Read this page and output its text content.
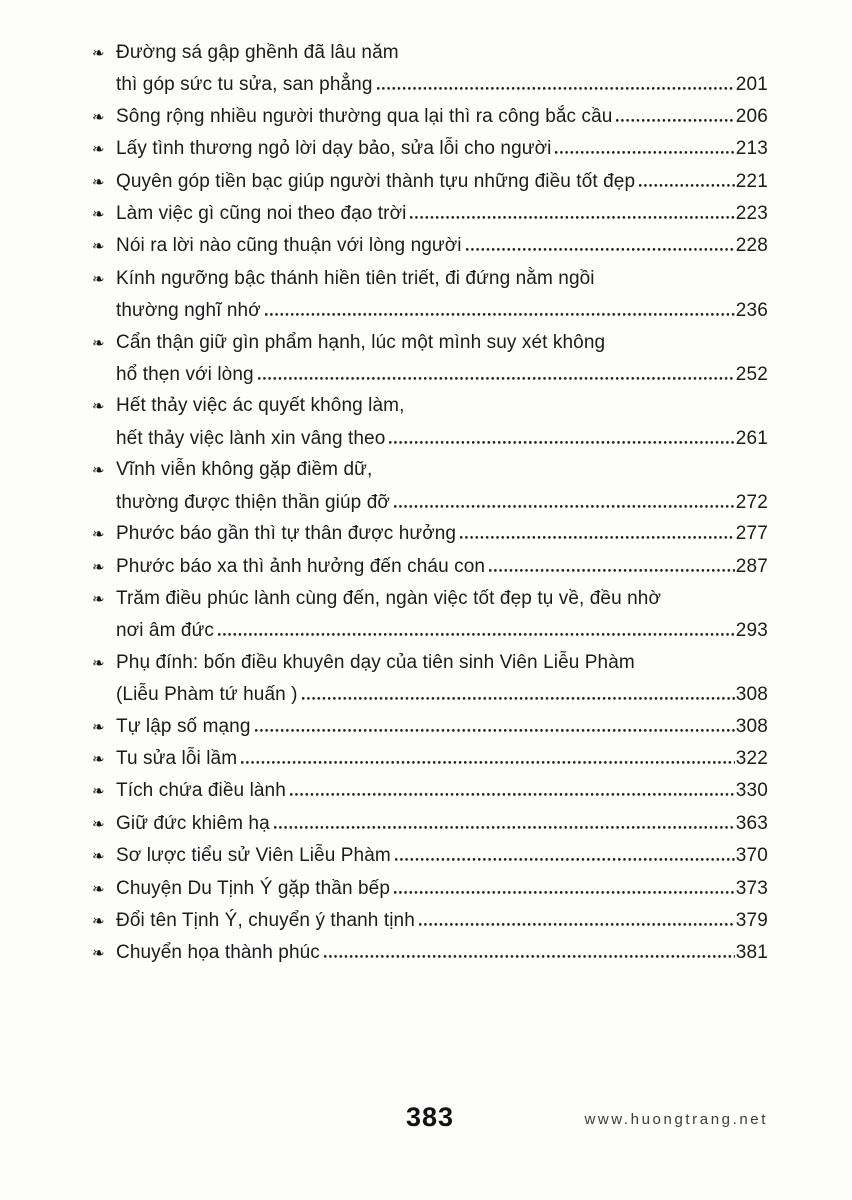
❧ Đường sá gập ghềnh đã lâu năm
thì góp sức tu sửa, san phẳng	201
❧ Sông rộng nhiều người thường qua lại thì ra công bắc cầu	206
❧ Lấy tình thương ngỏ lời dạy bảo, sửa lỗi cho người	213
❧ Quyên góp tiền bạc giúp người thành tựu những điều tốt đẹp	221
❧ Làm việc gì cũng noi theo đạo trời	223
❧ Nói ra lời nào cũng thuận với lòng người	228
❧ Kính ngưỡng bậc thánh hiền tiên triết, đi đứng nằm ngồi
thường nghĩ nhớ	236
❧ Cẩn thận giữ gìn phẩm hạnh, lúc một mình suy xét không
hổ thẹn với lòng	252
❧ Hết thảy việc ác quyết không làm,
hết thảy việc lành xin vâng theo	261
❧ Vĩnh viễn không gặp điềm dữ,
thường được thiện thần giúp đỡ	272
❧ Phước báo gần thì tự thân được hưởng	277
❧ Phước báo xa thì ảnh hưởng đến cháu con	287
❧ Trăm điều phúc lành cùng đến, ngàn việc tốt đẹp tụ về, đều nhờ
nơi âm đức	293
❧ Phụ đính: bốn điều khuyên dạy của tiên sinh Viên Liễu Phàm
(Liễu Phàm tứ huấn )	308
❧ Tự lập số mạng	308
❧ Tu sửa lỗi lầm	322
❧ Tích chứa điều lành	330
❧ Giữ đức khiêm hạ	363
❧ Sơ lược tiểu sử Viên Liễu Phàm	370
❧ Chuyện Du Tịnh Ý gặp thần bếp	373
❧ Đổi tên Tịnh Ý, chuyển ý thanh tịnh	379
❧ Chuyển họa thành phúc	381
383	www.huongtrang.net
